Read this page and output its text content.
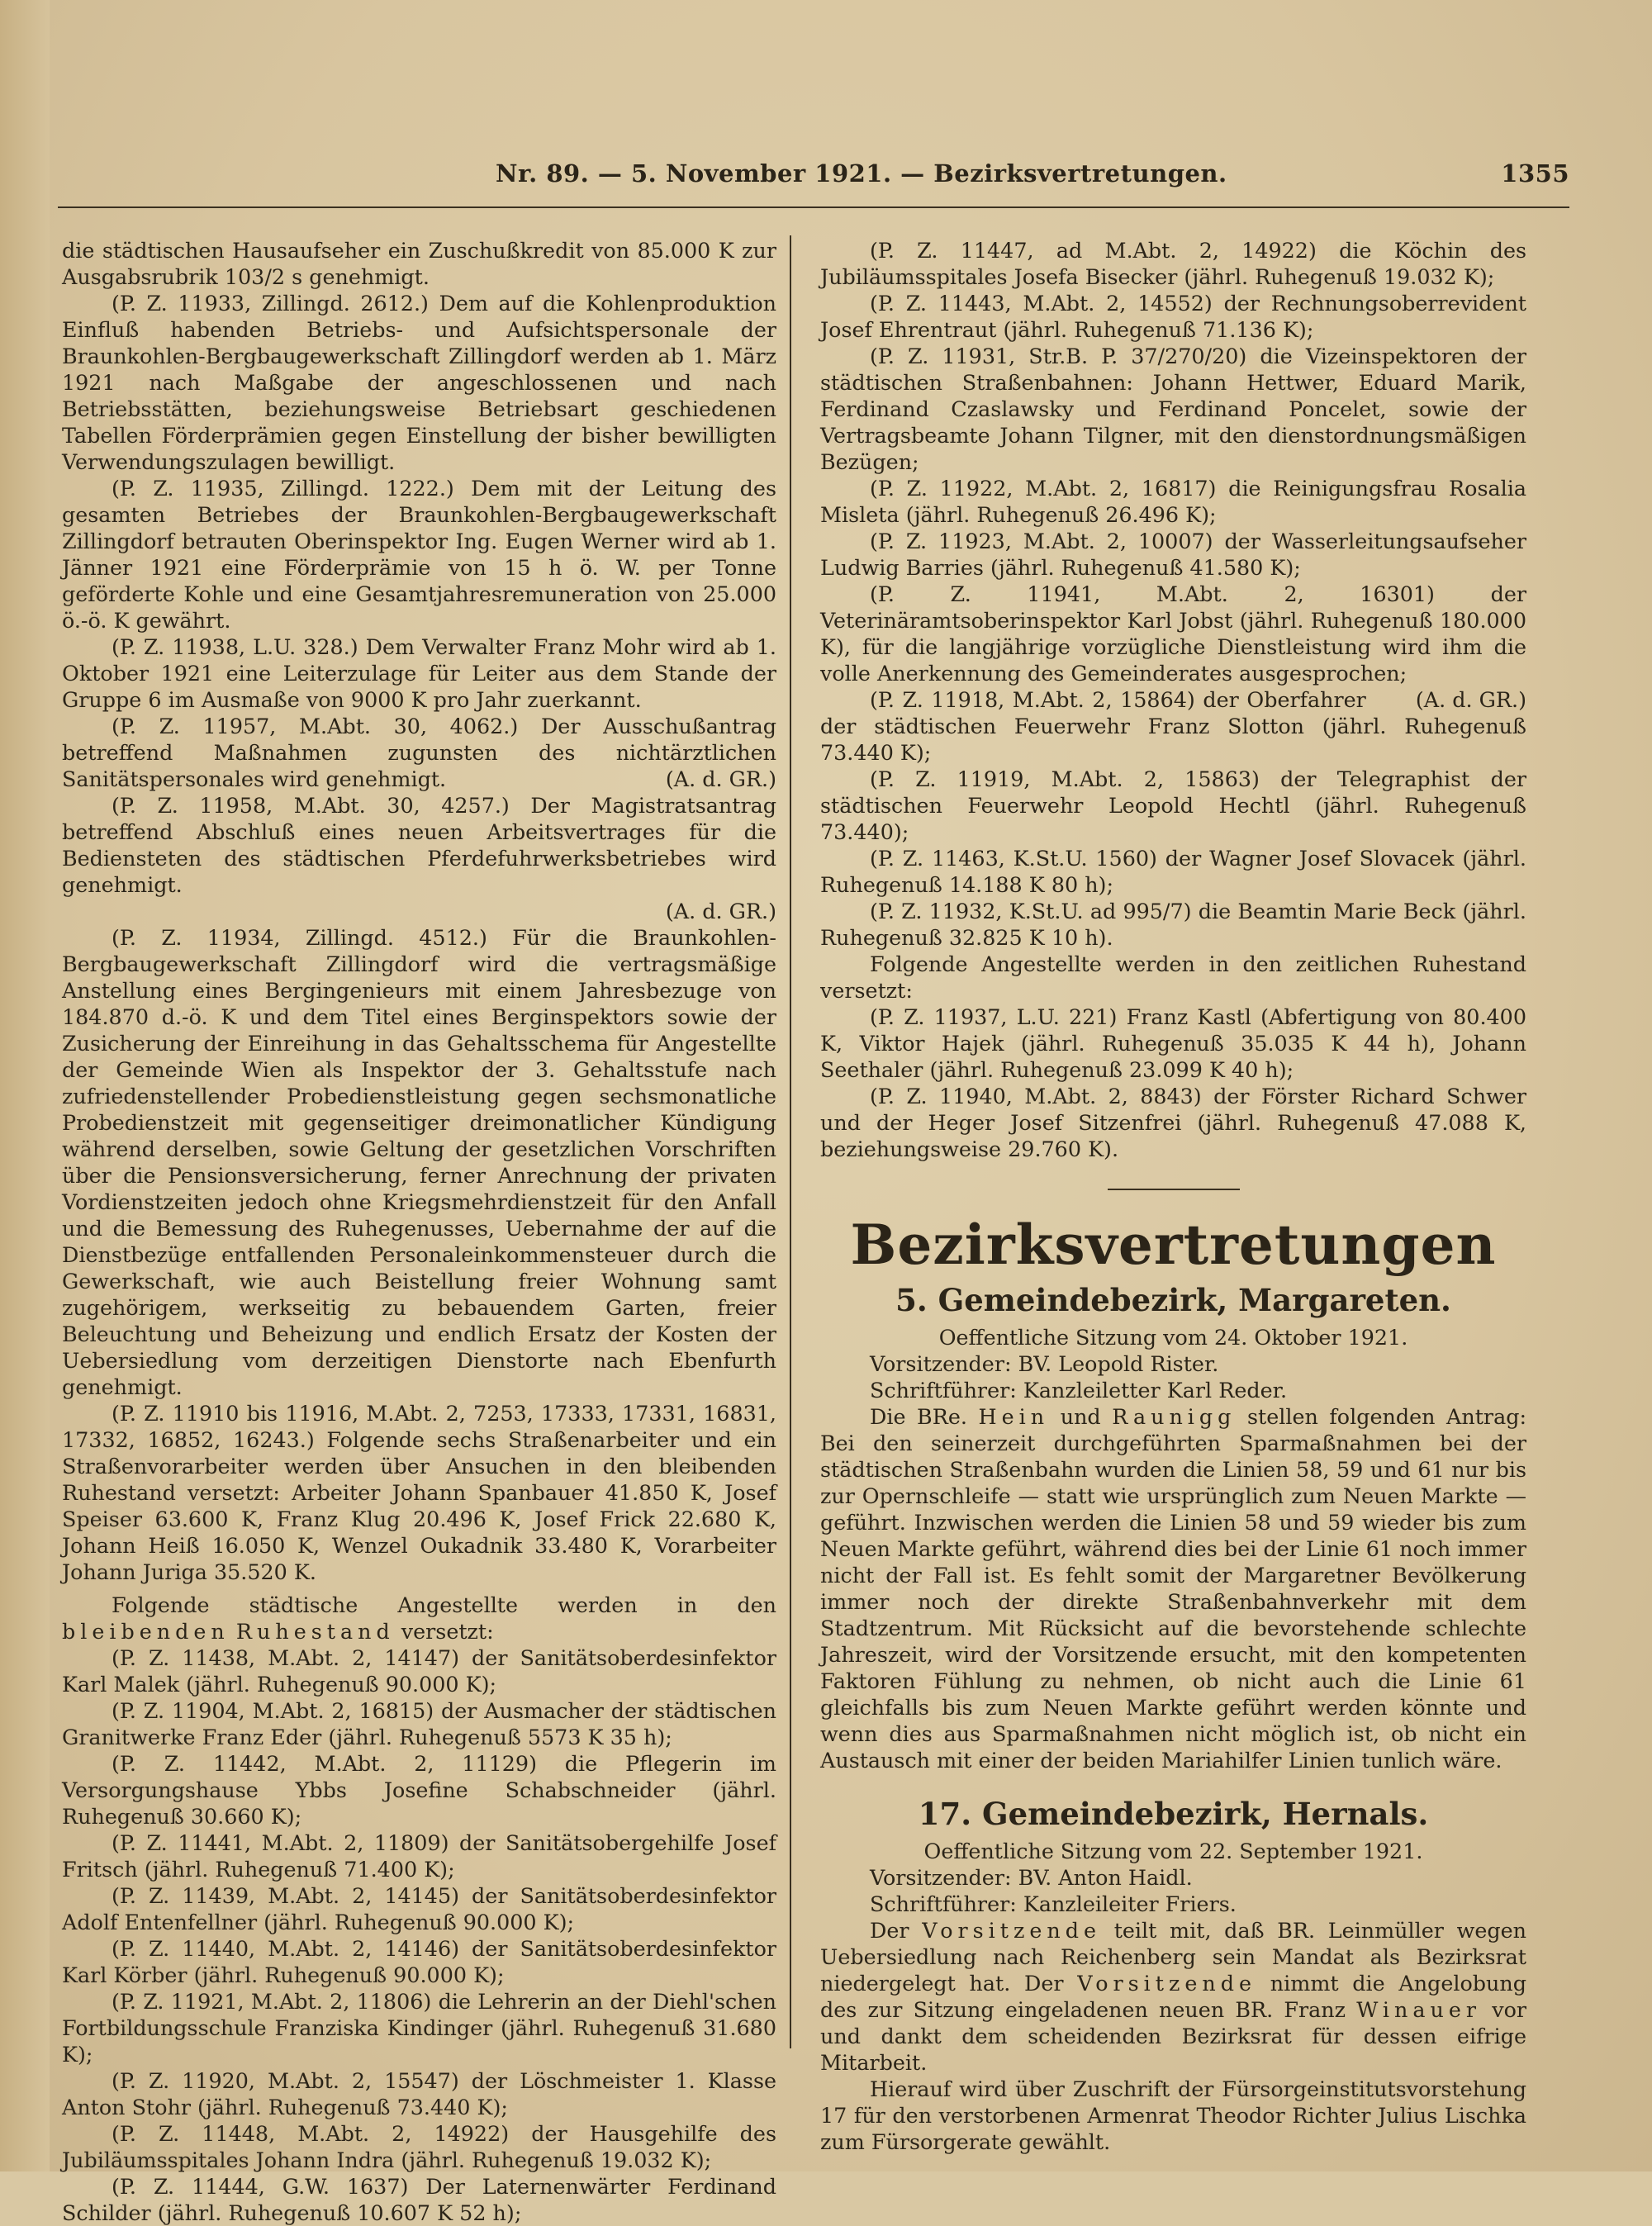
Nr. 89. — 5. November 1921. — Bezirksvertretungen.	1355

die städtischen Hausaufseher ein Zuschußkredit von 85.000 K zur Ausgabsrubrik 103/2 s genehmigt.

(P. Z. 11933, Zillingd. 2612.) Dem auf die Kohlenproduktion Einfluß habenden Betriebs- und Aufsichtspersonale der Braunkohlen-Bergbaugewerkschaft Zillingdorf werden ab 1. März 1921 nach Maßgabe der angeschlossenen und nach Betriebsstätten, beziehungsweise Betriebsart geschiedenen Tabellen Förderprämien gegen Einstellung der bisher bewilligten Verwendungszulagen bewilligt.

(P. Z. 11935, Zillingd. 1222.) Dem mit der Leitung des gesamten Betriebes der Braunkohlen-Bergbaugewerkschaft Zillingdorf betrauten Oberinspektor Ing. Eugen Werner wird ab 1. Jänner 1921 eine Förderprämie von 15 h ö. W. per Tonne geförderte Kohle und eine Gesamtjahresremuneration von 25.000 ö.-ö. K gewährt.

(P. Z. 11938, L.U. 328.) Dem Verwalter Franz Mohr wird ab 1. Oktober 1921 eine Leiterzulage für Leiter aus dem Stande der Gruppe 6 im Ausmaße von 9000 K pro Jahr zuerkannt.

(P. Z. 11957, M.Abt. 30, 4062.) Der Ausschußantrag betreffend Maßnahmen zugunsten des nichtärztlichen Sanitätspersonales wird genehmigt.	(A. d. GR.)

(P. Z. 11958, M.Abt. 30, 4257.) Der Magistratsantrag betreffend Abschluß eines neuen Arbeitsvertrages für die Bediensteten des städtischen Pferdefuhrwerksbetriebes wird genehmigt.

(A. d. GR.)

(P. Z. 11934, Zillingd. 4512.) Für die Braunkohlen-Bergbaugewerkschaft Zillingdorf wird die vertragsmäßige Anstellung eines Bergingenieurs mit einem Jahresbezuge von 184.870 d.-ö. K und dem Titel eines Berginspektors sowie der Zusicherung der Einreihung in das Gehaltsschema für Angestellte der Gemeinde Wien als Inspektor der 3. Gehaltsstufe nach zufriedenstellender Probedienstleistung gegen sechsmonatliche Probedienstzeit mit gegenseitiger dreimonatlicher Kündigung während derselben, sowie Geltung der gesetzlichen Vorschriften über die Pensionsversicherung, ferner Anrechnung der privaten Vordienstzeiten jedoch ohne Kriegsmehrdienstzeit für den Anfall und die Bemessung des Ruhegenusses, Uebernahme der auf die Dienstbezüge entfallenden Personaleinkommensteuer durch die Gewerkschaft, wie auch Beistellung freier Wohnung samt zugehörigem, werkseitig zu bebauendem Garten, freier Beleuchtung und Beheizung und endlich Ersatz der Kosten der Uebersiedlung vom derzeitigen Dienstorte nach Ebenfurth genehmigt.

(P. Z. 11910 bis 11916, M.Abt. 2, 7253, 17333, 17331, 16831, 17332, 16852, 16243.) Folgende sechs Straßenarbeiter und ein Straßenvorarbeiter werden über Ansuchen in den bleibenden Ruhestand versetzt: Arbeiter Johann Spanbauer 41.850 K, Josef Speiser 63.600 K, Franz Klug 20.496 K, Josef Frick 22.680 K, Johann Heiß 16.050 K, Wenzel Oukadnik 33.480 K, Vorarbeiter Johann Juriga 35.520 K.

Folgende städtische Angestellte werden in den bleibenden Ruhestand versetzt:

(P. Z. 11438, M.Abt. 2, 14147) der Sanitätsoberdesinfektor Karl Malek (jährl. Ruhegenuß 90.000 K);

(P. Z. 11904, M.Abt. 2, 16815) der Ausmacher der städtischen Granitwerke Franz Eder (jährl. Ruhegenuß 5573 K 35 h);

(P. Z. 11442, M.Abt. 2, 11129) die Pflegerin im Versorgungshause Ybbs Josefine Schabschneider (jährl. Ruhegenuß 30.660 K);

(P. Z. 11441, M.Abt. 2, 11809) der Sanitätsobergehilfe Josef Fritsch (jährl. Ruhegenuß 71.400 K);

(P. Z. 11439, M.Abt. 2, 14145) der Sanitätsoberdesinfektor Adolf Entenfellner (jährl. Ruhegenuß 90.000 K);

(P. Z. 11440, M.Abt. 2, 14146) der Sanitätsoberdesinfektor Karl Körber (jährl. Ruhegenuß 90.000 K);

(P. Z. 11921, M.Abt. 2, 11806) die Lehrerin an der Diehl'schen Fortbildungsschule Franziska Kindinger (jährl. Ruhegenuß 31.680 K);

(P. Z. 11920, M.Abt. 2, 15547) der Löschmeister 1. Klasse Anton Stohr (jährl. Ruhegenuß 73.440 K);

(P. Z. 11448, M.Abt. 2, 14922) der Hausgehilfe des Jubiläumsspitales Johann Indra (jährl. Ruhegenuß 19.032 K);

(P. Z. 11444, G.W. 1637) Der Laternenwärter Ferdinand Schilder (jährl. Ruhegenuß 10.607 K 52 h);

(P. Z. 11447, ad M.Abt. 2, 14922) die Köchin des Jubiläumsspitales Josefa Bisecker (jährl. Ruhegenuß 19.032 K);

(P. Z. 11443, M.Abt. 2, 14552) der Rechnungsoberrevident Josef Ehrentraut (jährl. Ruhegenuß 71.136 K);

(P. Z. 11931, Str.B. P. 37/270/20) die Vizeinspektoren der städtischen Straßenbahnen: Johann Hettwer, Eduard Marik, Ferdinand Czaslawsky und Ferdinand Poncelet, sowie der Vertragsbeamte Johann Tilgner, mit den dienstordnungsmäßigen Bezügen;

(P. Z. 11922, M.Abt. 2, 16817) die Reinigungsfrau Rosalia Misleta (jährl. Ruhegenuß 26.496 K);

(P. Z. 11923, M.Abt. 2, 10007) der Wasserleitungsaufseher Ludwig Barries (jährl. Ruhegenuß 41.580 K);

(P. Z. 11941, M.Abt. 2, 16301) der Veterinäramtsoberinspektor Karl Jobst (jährl. Ruhegenuß 180.000 K), für die langjährige vorzügliche Dienstleistung wird ihm die volle Anerkennung des Gemeinderates ausgesprochen;
(A. d. GR.)

(P. Z. 11918, M.Abt. 2, 15864) der Oberfahrer der städtischen Feuerwehr Franz Slotton (jährl. Ruhegenuß 73.440 K);

(P. Z. 11919, M.Abt. 2, 15863) der Telegraphist der städtischen Feuerwehr Leopold Hechtl (jährl. Ruhegenuß 73.440);

(P. Z. 11463, K.St.U. 1560) der Wagner Josef Slovacek (jährl. Ruhegenuß 14.188 K 80 h);

(P. Z. 11932, K.St.U. ad 995/7) die Beamtin Marie Beck (jährl. Ruhegenuß 32.825 K 10 h).

Folgende Angestellte werden in den zeitlichen Ruhestand versetzt:

(P. Z. 11937, L.U. 221) Franz Kastl (Abfertigung von 80.400 K, Viktor Hajek (jährl. Ruhegenuß 35.035 K 44 h), Johann Seethaler (jährl. Ruhegenuß 23.099 K 40 h);

(P. Z. 11940, M.Abt. 2, 8843) der Förster Richard Schwer und der Heger Josef Sitzenfrei (jährl. Ruhegenuß 47.088 K, beziehungsweise 29.760 K).

Bezirksvertretungen
5. Gemeindebezirk, Margareten.

Oeffentliche Sitzung vom 24. Oktober 1921.

Vorsitzender: BV. Leopold Rister.

Schriftführer: Kanzleiletter Karl Reder.

Die BRe. Hein und Raunigg stellen folgenden Antrag: Bei den seinerzeit durchgeführten Sparmaßnahmen bei der städtischen Straßenbahn wurden die Linien 58, 59 und 61 nur bis zur Opernschleife — statt wie ursprünglich zum Neuen Markte — geführt. Inzwischen werden die Linien 58 und 59 wieder bis zum Neuen Markte geführt, während dies bei der Linie 61 noch immer nicht der Fall ist. Es fehlt somit der Margaretner Bevölkerung immer noch der direkte Straßenbahnverkehr mit dem Stadtzentrum. Mit Rücksicht auf die bevorstehende schlechte Jahreszeit, wird der Vorsitzende ersucht, mit den kompetenten Faktoren Fühlung zu nehmen, ob nicht auch die Linie 61 gleichfalls bis zum Neuen Markte geführt werden könnte und wenn dies aus Sparmaßnahmen nicht möglich ist, ob nicht ein Austausch mit einer der beiden Mariahilfer Linien tunlich wäre.

17. Gemeindebezirk, Hernals.

Oeffentliche Sitzung vom 22. September 1921.

Vorsitzender: BV. Anton Haidl.

Schriftführer: Kanzleileiter Friers.

Der Vorsitzende teilt mit, daß BR. Leinmüller wegen Uebersiedlung nach Reichenberg sein Mandat als Bezirksrat niedergelegt hat. Der Vorsitzende nimmt die Angelobung des zur Sitzung eingeladenen neuen BR. Franz Winauer vor und dankt dem scheidenden Bezirksrat für dessen eifrige Mitarbeit.

Hierauf wird über Zuschrift der Fürsorgeinstitutsvorstehung 17 für den verstorbenen Armenrat Theodor Richter Julius Lischka zum Fürsorgerate gewählt.
